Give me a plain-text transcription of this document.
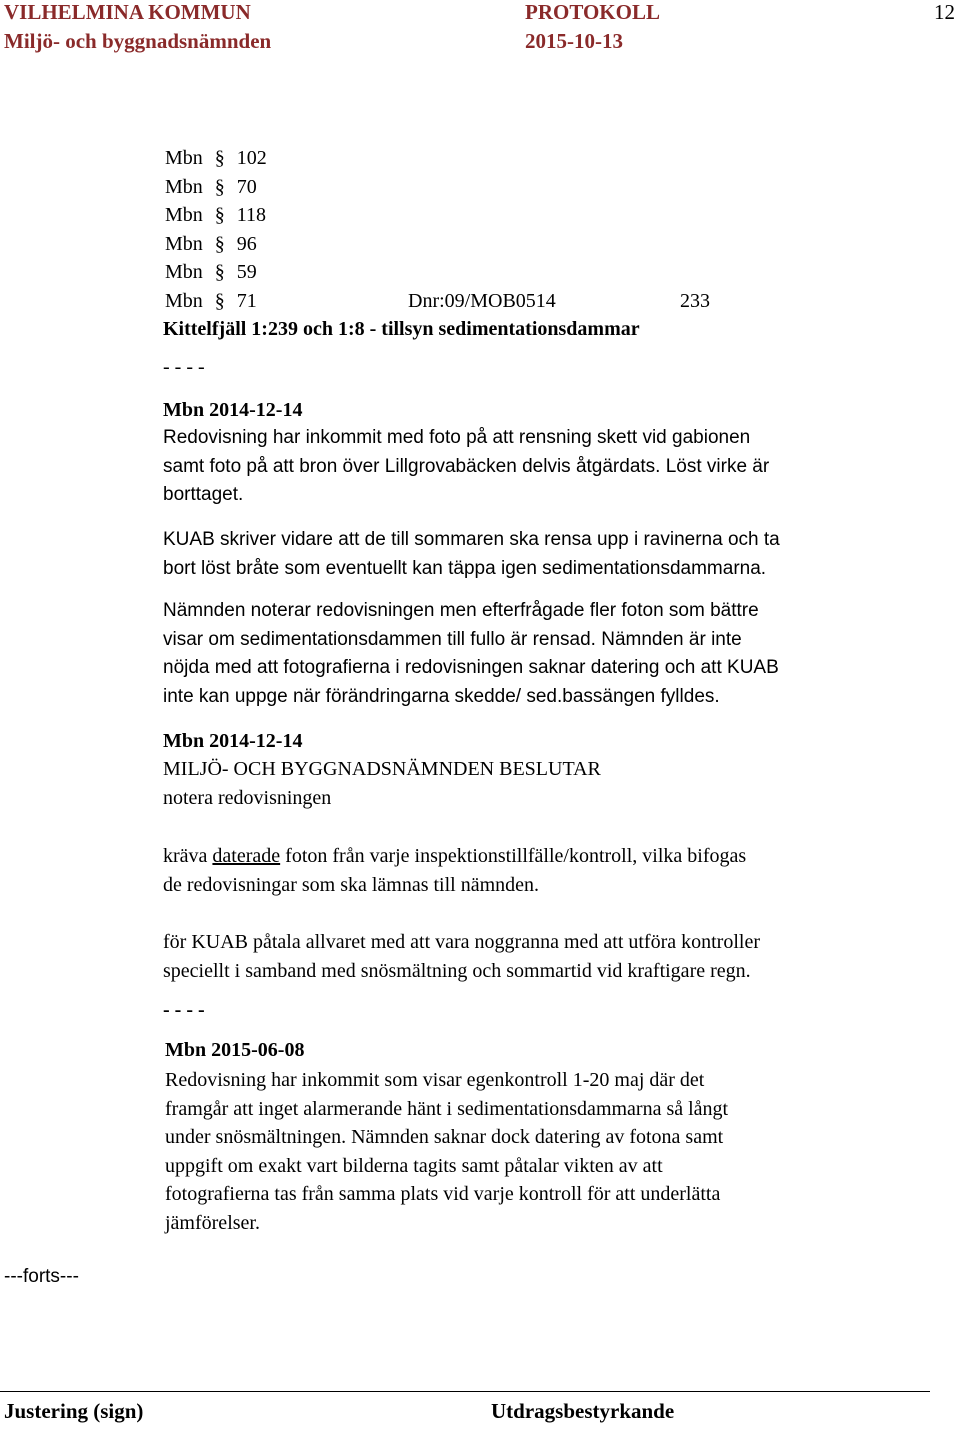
VILHELMINA KOMMUN	PROTOKOLL	12
Miljö- och byggnadsnämnden	2015-10-13
Mbn § 102
Mbn § 70
Mbn § 118
Mbn § 96
Mbn § 59
Mbn § 71	Dnr:09/MOB0514	233
Kittelfjäll 1:239 och 1:8 - tillsyn sedimentationsdammar
- - - -
Mbn 2014-12-14
Redovisning har inkommit med foto på att rensning skett vid gabionen
samt foto på att bron över Lillgrovabäcken delvis åtgärdats. Löst virke är
borttaget.
KUAB skriver vidare att de till sommaren ska rensa upp i ravinerna och ta
bort löst bråte som eventuellt kan täppa igen sedimentationsdammarna.
Nämnden noterar redovisningen men efterfrågade fler foton som bättre
visar om sedimentationsdammen till fullo är rensad. Nämnden är inte
nöjda med att fotografierna i redovisningen saknar datering och att KUAB
inte kan uppge när förändringarna skedde/ sed.bassängen fylldes.
Mbn 2014-12-14
MILJÖ- OCH BYGGNADSNÄMNDEN BESLUTAR
notera redovisningen
kräva daterade foton från varje inspektionstillfälle/kontroll, vilka bifogas
de redovisningar som ska lämnas till nämnden.
för KUAB påtala allvaret med att vara noggranna med att utföra kontroller
speciellt i samband med snösmältning och sommartid vid kraftigare regn.
- - - -
Mbn 2015-06-08
Redovisning har inkommit som visar egenkontroll 1-20 maj där det
framgår att inget alarmerande hänt i sedimentationsdammarna så långt
under snösmältningen. Nämnden saknar dock datering av fotona samt
uppgift om exakt vart bilderna tagits samt påtalar vikten av att
fotografierna tas från samma plats vid varje kontroll för att underlätta
jämförelser.
---forts---
Justering (sign)	Utdragsbestyrkande
